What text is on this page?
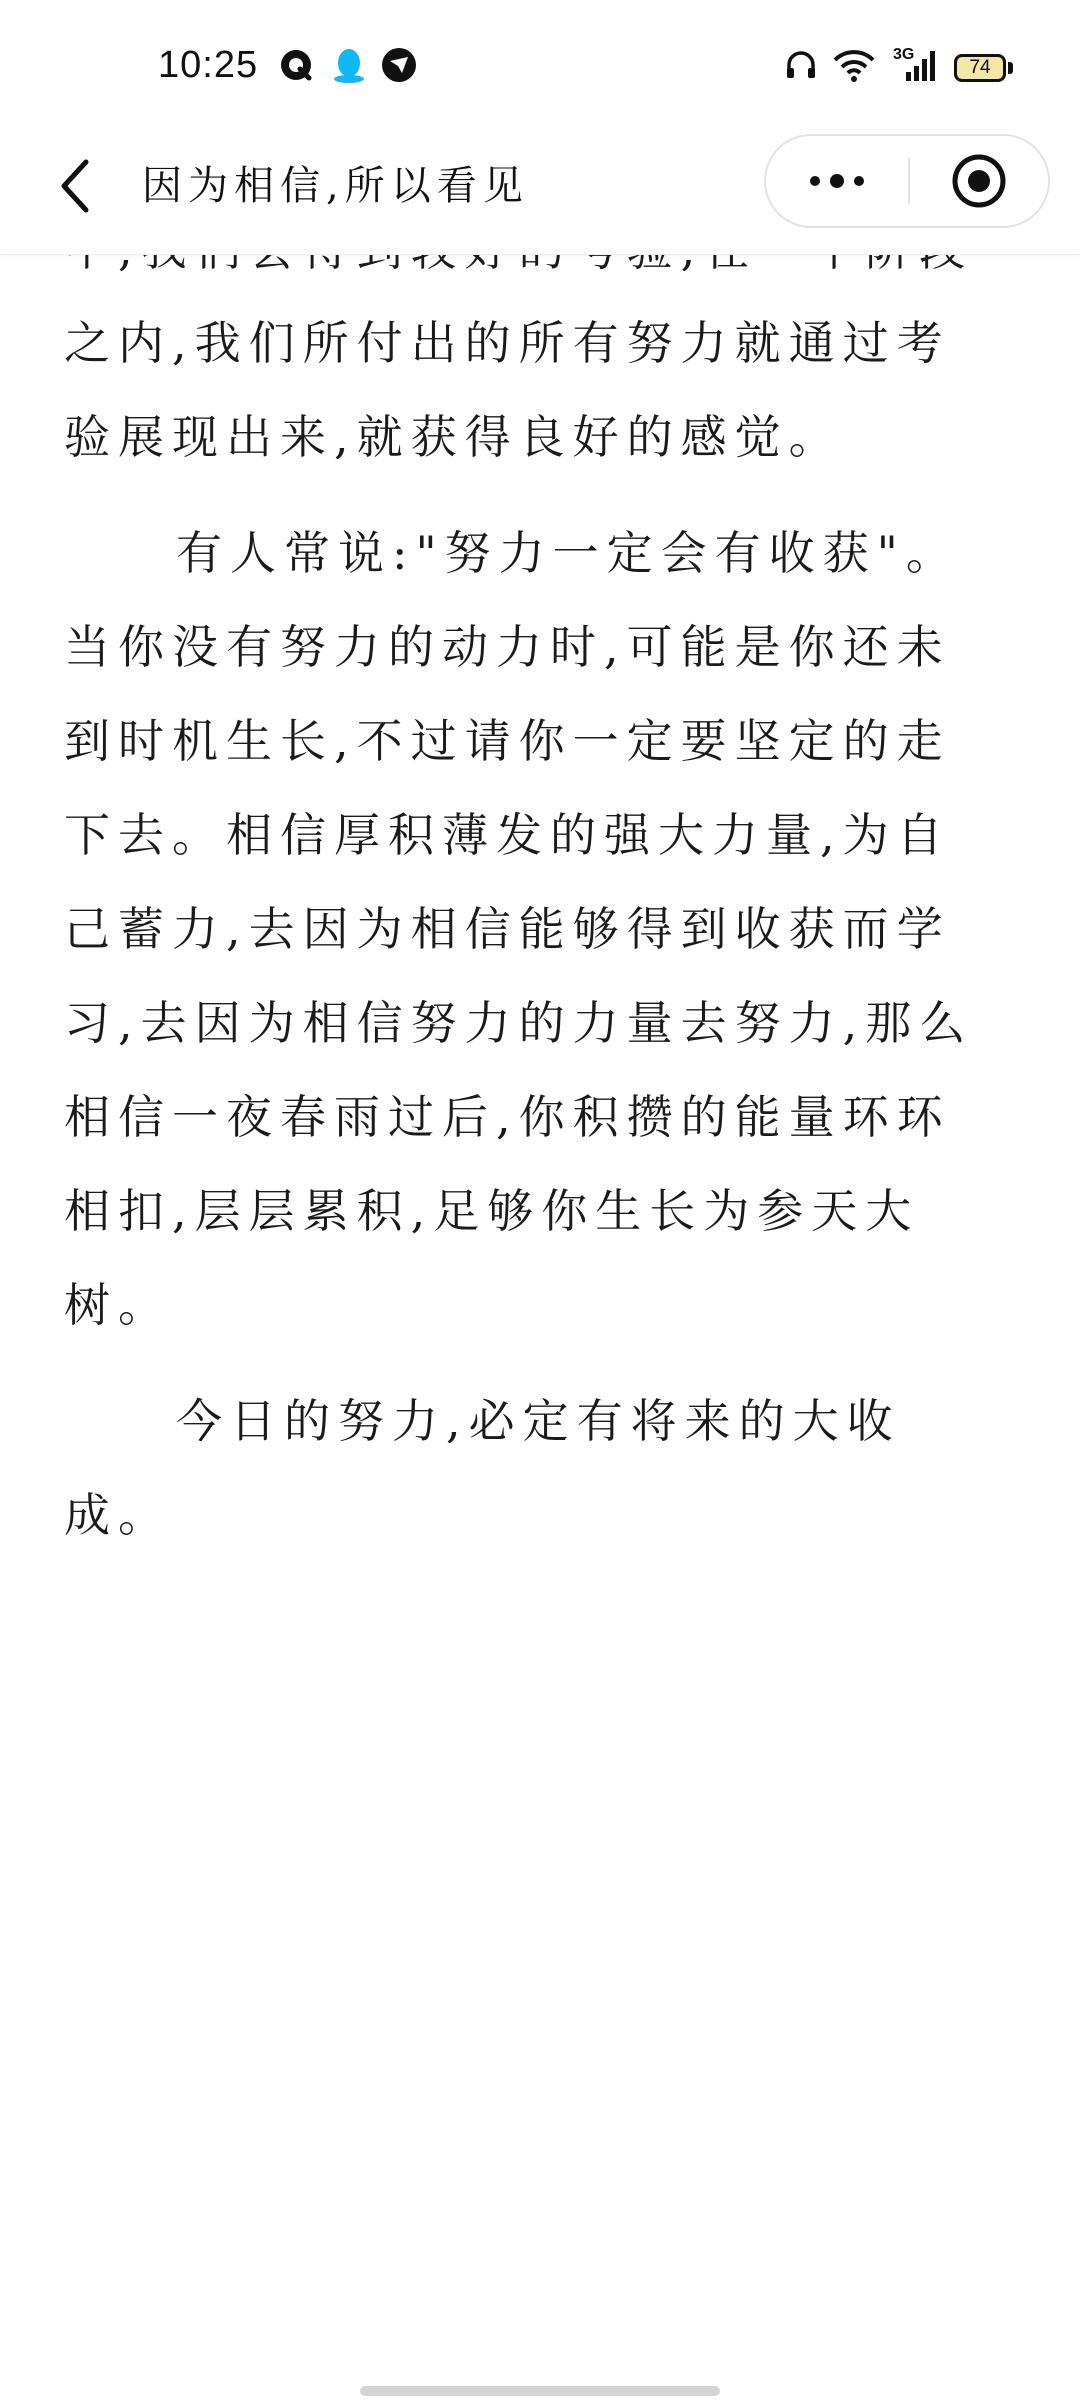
10:25	3G
74
因为相信,所以看见

之内,我们所付出的所有努力就通过考验展现出来,就获得良好的感觉。

有人常说:"努力一定会有收获"。当你没有努力的动力时,可能是你还未到时机生长,不过请你一定要坚定的走下去。相信厚积薄发的强大力量,为自己蓄力,去因为相信能够得到收获而学习,去因为相信努力的力量去努力,那么相信一夜春雨过后,你积攒的能量环环相扣,层层累积,足够你生长为参天大树。

今日的努力,必定有将来的大收成。
